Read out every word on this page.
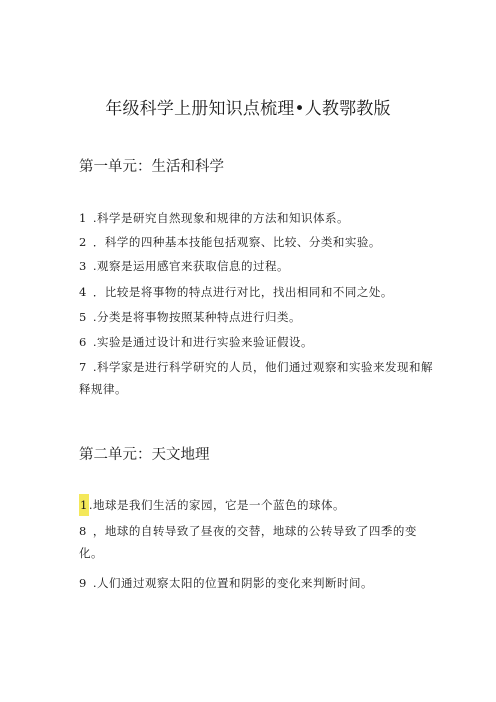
年级科学上册知识点梳理•人教鄂教版
第一单元：生活和科学
1 .科学是研究自然现象和规律的方法和知识体系。
2 ．科学的四种基本技能包括观察、比较、分类和实验。
3 .观察是运用感官来获取信息的过程。
4 ．比较是将事物的特点进行对比，找出相同和不同之处。
5 .分类是将事物按照某种特点进行归类。
6 .实验是通过设计和进行实验来验证假设。
7 .科学家是进行科学研究的人员，他们通过观察和实验来发现和解释规律。
第二单元：天文地理
1.地球是我们生活的家园，它是一个蓝色的球体。
8 ，地球的自转导致了昼夜的交替，地球的公转导致了四季的变化。
9 .人们通过观察太阳的位置和阴影的变化来判断时间。
